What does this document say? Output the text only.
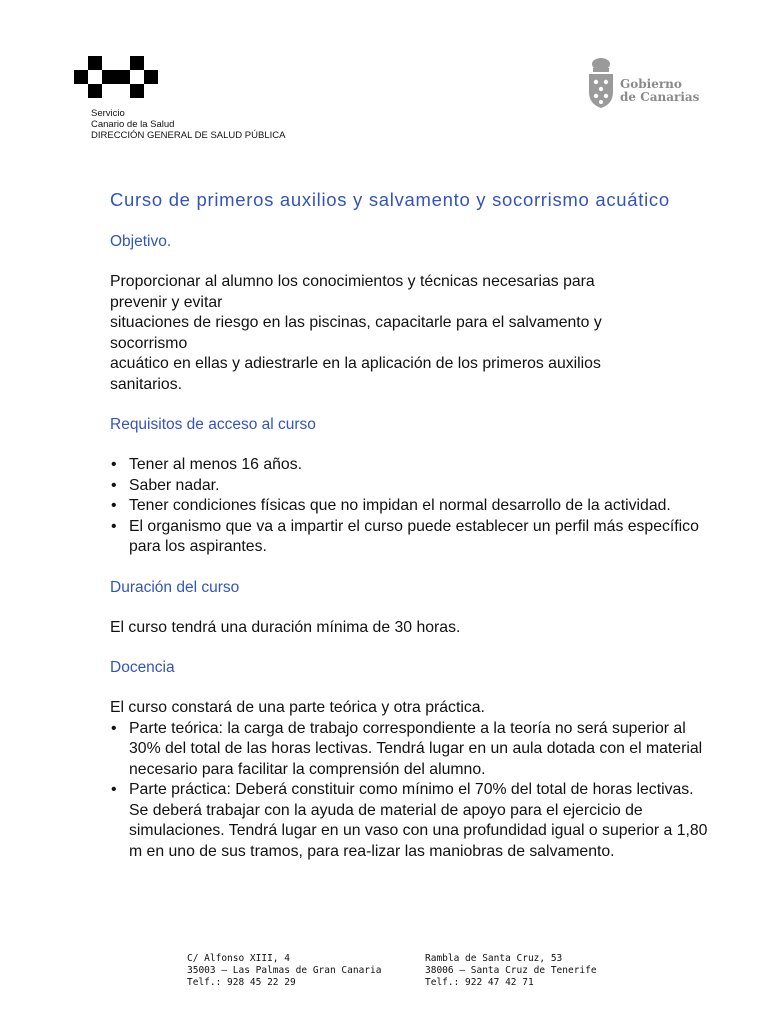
Servicio
Canario de la Salud
DIRECCIÓN GENERAL DE SALUD PÚBLICA
Gobierno
de Canarias
Curso de primeros auxilios y salvamento y socorrismo acuático
Objetivo.
Proporcionar al alumno los conocimientos y técnicas necesarias para
prevenir y evitar
situaciones de riesgo en las piscinas, capacitarle para el salvamento y
socorrismo
acuático en ellas y adiestrarle en la aplicación de los primeros auxilios
sanitarios.
Requisitos de acceso al curso
• Tener al menos 16 años.
• Saber nadar.
• Tener condiciones físicas que no impidan el normal desarrollo de la actividad.
• El organismo que va a impartir el curso puede establecer un perfil más específico para los aspirantes.
Duración del curso

El curso tendrá una duración mínima de 30 horas.

Docencia

El curso constará de una parte teórica y otra práctica.

• Parte teórica: la carga de trabajo correspondiente a la teoría no será superior al 30% del total de las horas lectivas. Tendrá lugar en un aula dotada con el material necesario para facilitar la comprensión del alumno.
• Parte práctica: Deberá constituir como mínimo el 70% del total de horas lectivas. Se deberá trabajar con la ayuda de material de apoyo para el ejercicio de simulaciones. Tendrá lugar en un vaso con una profundidad igual o superior a 1,80 m en uno de sus tramos, para rea-lizar las maniobras de salvamento.
C/ Alfonso XIII, 4
35003 – Las Palmas de Gran Canaria
Telf.: 928 45 22 29
Rambla de Santa Cruz, 53
38006 – Santa Cruz de Tenerife
Telf.: 922 47 42 71
